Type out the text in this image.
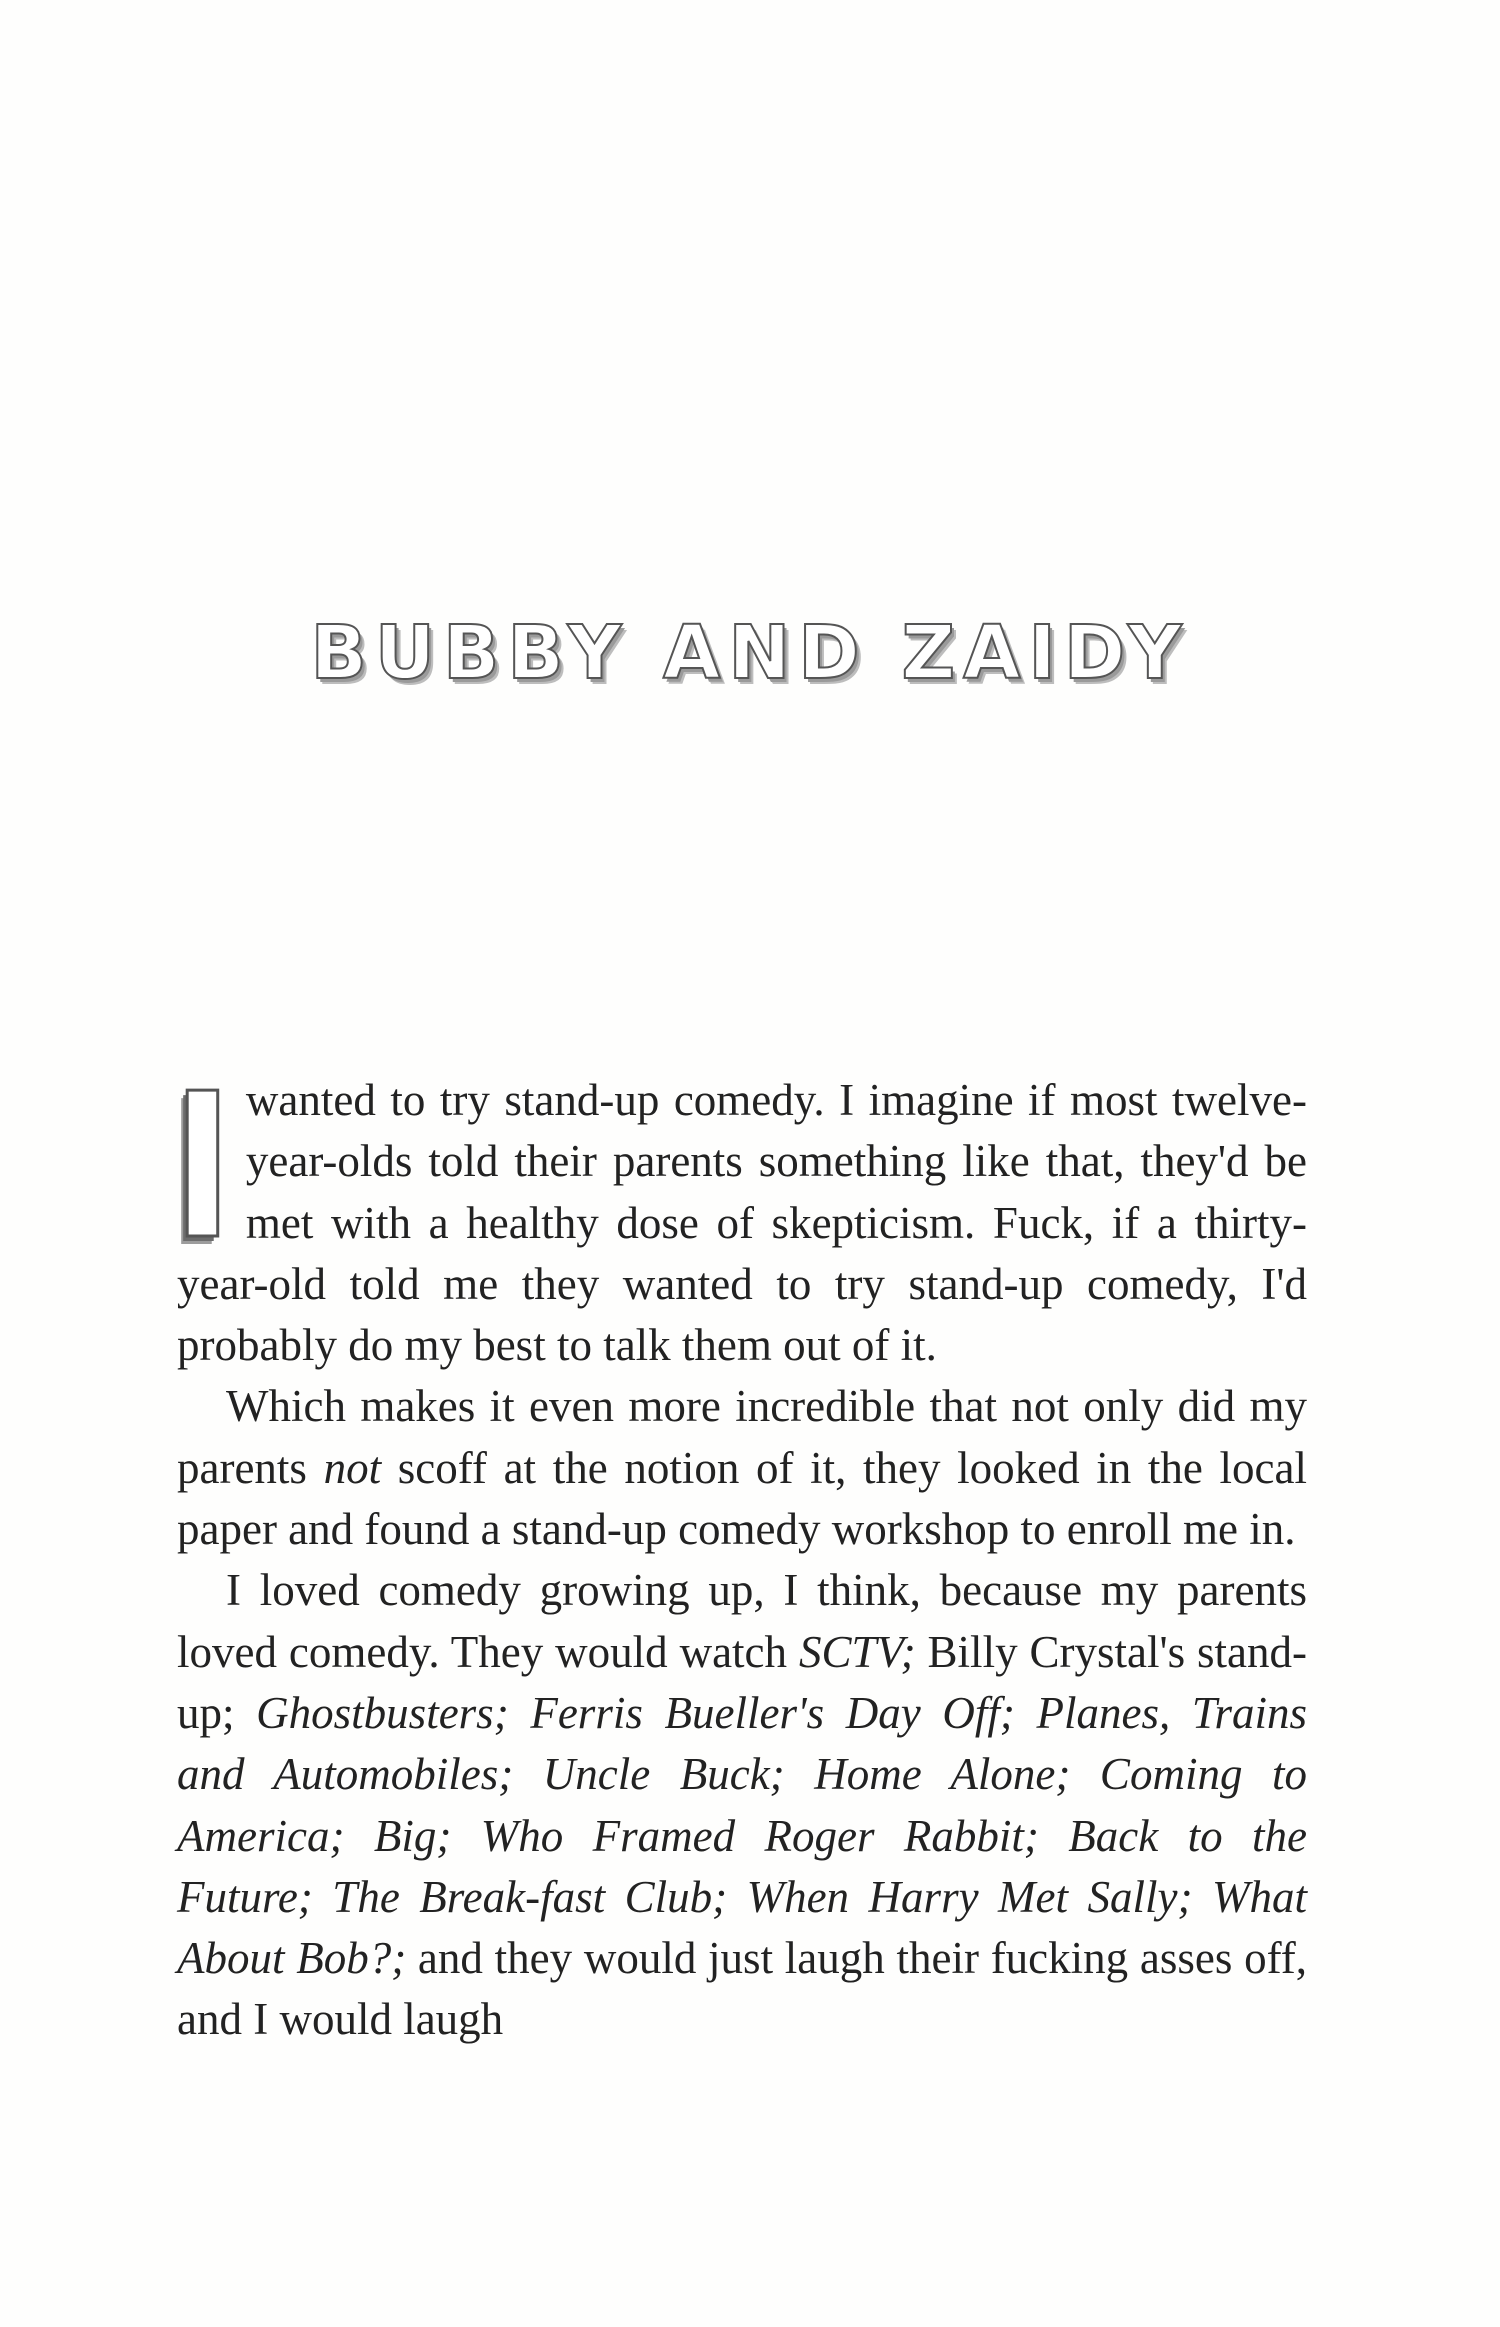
BUBBY AND ZAIDY

Iwanted to try stand-up comedy. I imagine if most twelve-year-olds told their parents something like that, they'd be met with a healthy dose of skepticism. Fuck, if a thirty-year-old told me they wanted to try stand-up comedy, I'd probably do my best to talk them out of it.

Which makes it even more incredible that not only did my parents not scoff at the notion of it, they looked in the local paper and found a stand-up comedy workshop to enroll me in.

I loved comedy growing up, I think, because my parents loved comedy. They would watch SCTV; Billy Crystal's stand-up; Ghostbusters; Ferris Bueller's Day Off; Planes, Trains and Automobiles; Uncle Buck; Home Alone; Coming to America; Big; Who Framed Roger Rabbit; Back to the Future; The Break-fast Club; When Harry Met Sally; What About Bob?; and they would just laugh their fucking asses off, and I would laugh
